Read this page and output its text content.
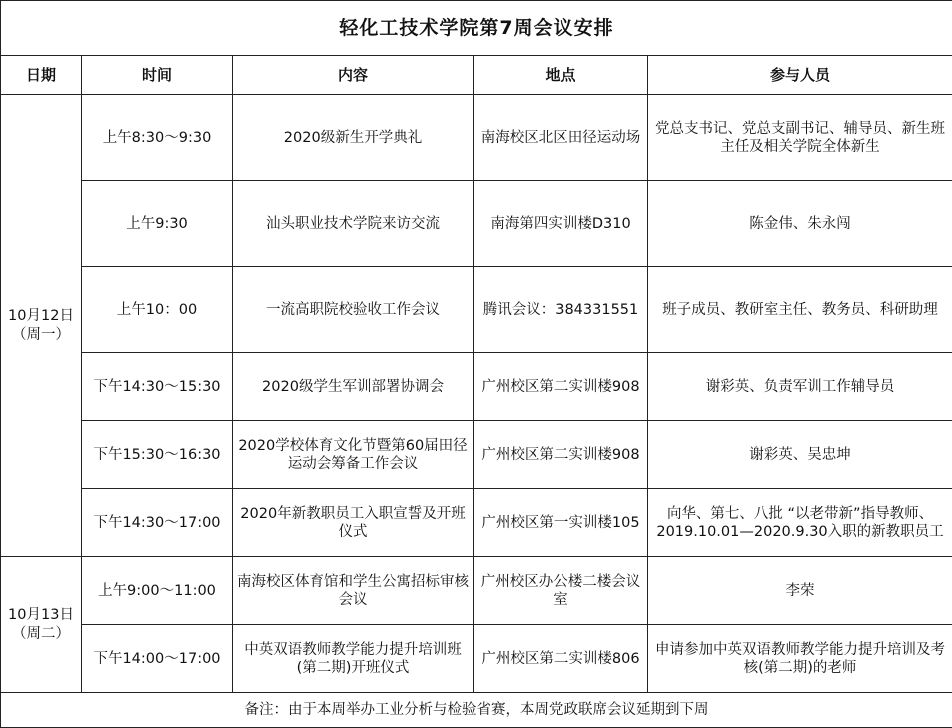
轻化工技术学院第7周会议安排				
日期	时间	内容	地点	参与人员
10月12日
（周一）	上午8:30～9:30	2020级新生开学典礼	南海校区北区田径运动场	党总支书记、党总支副书记、辅导员、新生班主任及相关学院全体新生
	上午9:30	汕头职业技术学院来访交流	南海第四实训楼D310	陈金伟、朱永闯
	上午10：00	一流高职院校验收工作会议	腾讯会议：384331551	班子成员、教研室主任、教务员、科研助理
	下午14:30～15:30	2020级学生军训部署协调会	广州校区第二实训楼908	谢彩英、负责军训工作辅导员
	下午15:30～16:30	2020学校体育文化节暨第60届田径运动会筹备工作会议	广州校区第二实训楼908	谢彩英、吴忠坤
	下午14:30～17:00	2020年新教职员工入职宣誓及开班仪式	广州校区第一实训楼105	向华、第七、八批 “以老带新”指导教师、2019.10.01—2020.9.30入职的新教职员工
10月13日
（周二）	上午9:00～11:00	南海校区体育馆和学生公寓招标审核会议	广州校区办公楼二楼会议室	李荣
	下午14:00～17:00	中英双语教师教学能力提升培训班(第二期)开班仪式	广州校区第二实训楼806	申请参加中英双语教师教学能力提升培训及考核(第二期)的老师
备注：由于本周举办工业分析与检验省赛，本周党政联席会议延期到下周				
